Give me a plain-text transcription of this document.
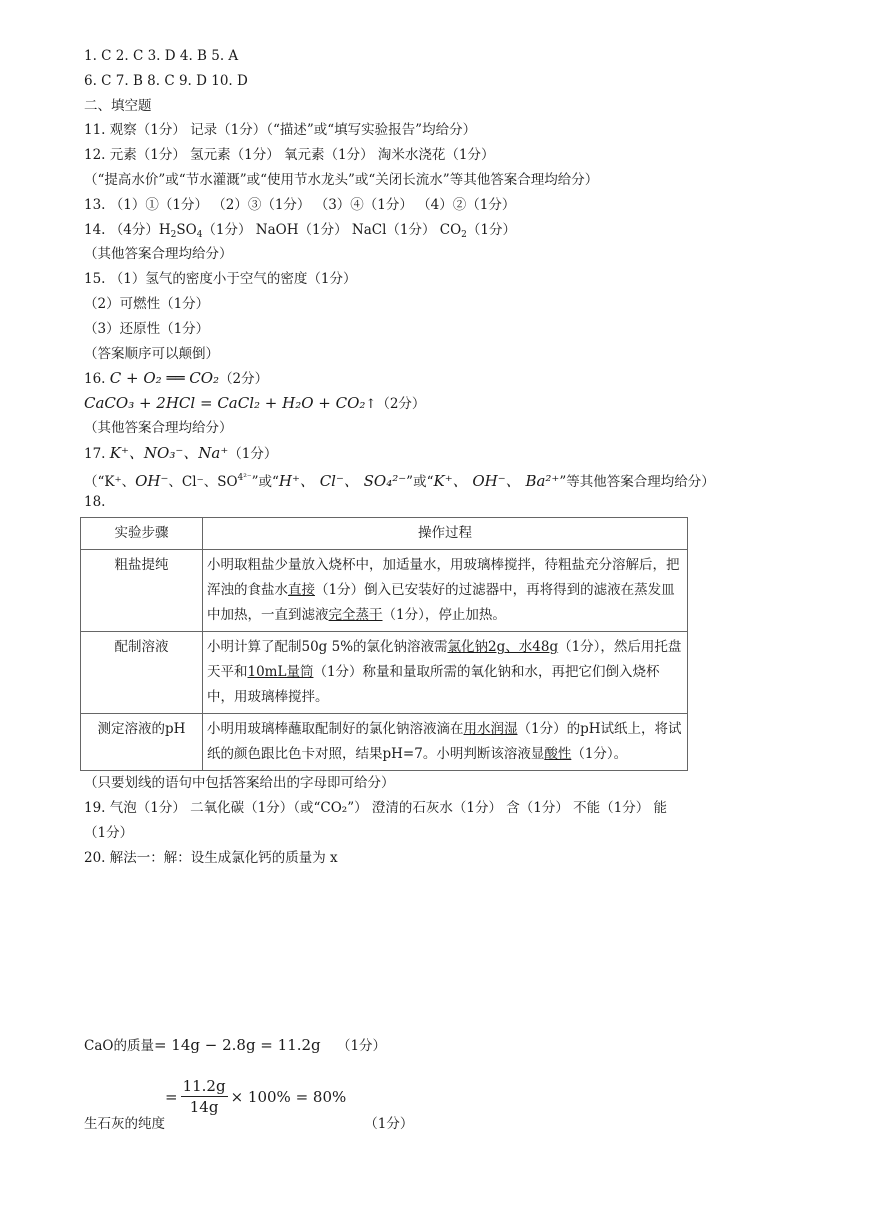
1. C 2. C 3. D 4. B 5. A
6. C 7. B 8. C 9. D 10. D
二、填空题
11. 观察（1分） 记录（1分）（“描述”或“填写实验报告”均给分）
12. 元素（1分） 氢元素（1分） 氧元素（1分） 淘米水浇花（1分）
（“提高水价”或“节水灌溉”或“使用节水龙头”或“关闭长流水”等其他答案合理均给分）
13. （1）①（1分） （2）③（1分） （3）④（1分） （4）②（1分）
14. （4分）$H_2SO_4(1$分） NaOH（1分） NaCl（1分） $CO_2(1$分）
（其他答案合理均给分）
15. （1）氢气的密度小于空气的密度（1分）
（2）可燃性（1分）
（3）还原性（1分）
（答案顺序可以颠倒）
16. C + O₂ ══ CO₂（2分）
CaCO₃ + 2HCl = CaCl₂ + H₂O + CO₂↑（2分）
（其他答案合理均给分）
17. K⁺、NO₃⁻、Na⁺（1分）
（“K⁺、OH⁻、Cl⁻、$SO^{4^{2-}}$”或“H⁺、 Cl⁻、 SO₄²⁻”或“K⁺、 OH⁻、 Ba²⁺”等其他答案合理均给分）
18.
实验步骤	操作过程
粗盐提纯	小明取粗盐少量放入烧杯中，加适量水，用玻璃棒搅拌，待粗盐充分溶解后，把浑浊的食盐水直接（1分）倒入已安装好的过滤器中，再将得到的滤液在蒸发皿中加热，一直到滤液完全蒸干（1分），停止加热。
配制溶液	小明计算了配制50g 5%的氯化钠溶液需氯化钠2g、水48g（1分），然后用托盘天平和10mL量筒（1分）称量和量取所需的氧化钠和水，再把它们倒入烧杯中，用玻璃棒搅拌。
测定溶液的pH	小明用玻璃棒蘸取配制好的氯化钠溶液滴在用水润湿（1分）的pH试纸上，将试纸的颜色跟比色卡对照，结果pH=7。小明判断该溶液显酸性（1分）。
（只要划线的语句中包括答案给出的字母即可给分）
19. 气泡（1分） 二氧化碳（1分）（或“CO₂”） 澄清的石灰水（1分） 含（1分） 不能（1分） 能
（1分）
20. 解法一：解：设生成氯化钙的质量为 x
CaO的质量= 14g − 2.8g = 11.2g （1分）
生石灰的纯度
= $\frac{11.2g}{14g} \times 100\% = 80\%$
（1分）
